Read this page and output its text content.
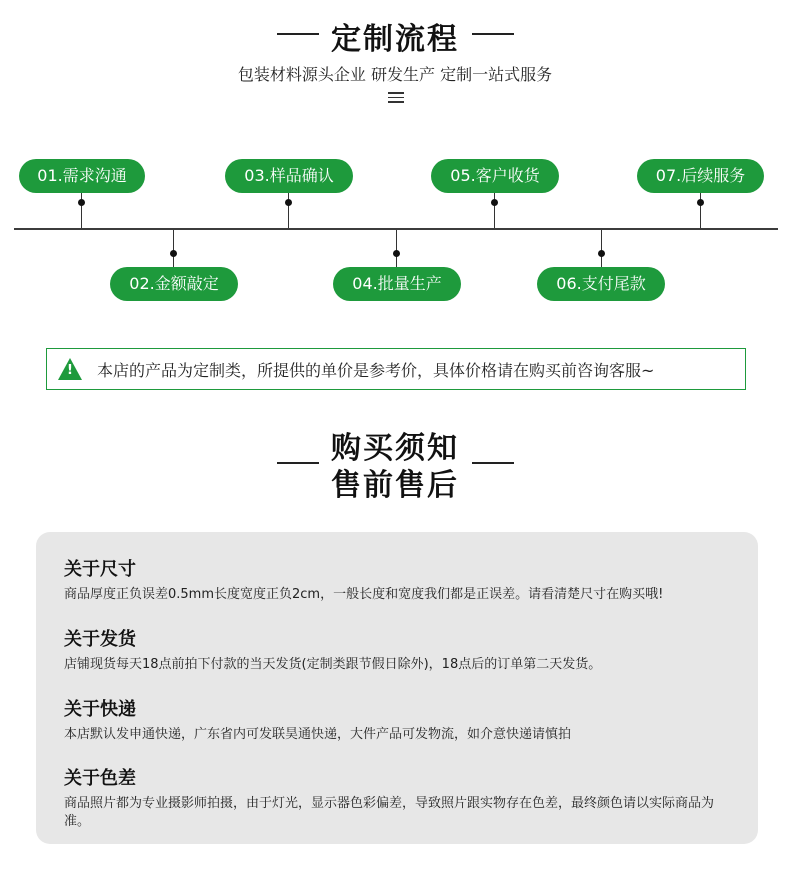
定制流程
包装材料源头企业 研发生产 定制一站式服务
01.需求沟通	03.样品确认	05.客户收货	07.后续服务
02.金额敲定	04.批量生产	06.支付尾款
!	本店的产品为定制类，所提供的单价是参考价，具体价格请在购买前咨询客服~
购买须知
售前售后
关于尺寸
商品厚度正负误差0.5mm长度宽度正负2cm，一般长度和宽度我们都是正误差。请看清楚尺寸在购买哦!
关于发货
店铺现货每天18点前拍下付款的当天发货(定制类跟节假日除外)，18点后的订单第二天发货。
关于快递
本店默认发申通快递，广东省内可发联昊通快递，大件产品可发物流，如介意快递请慎拍
关于色差
商品照片都为专业摄影师拍摄，由于灯光，显示器色彩偏差，导致照片跟实物存在色差，最终颜色请以实际商品为准。
